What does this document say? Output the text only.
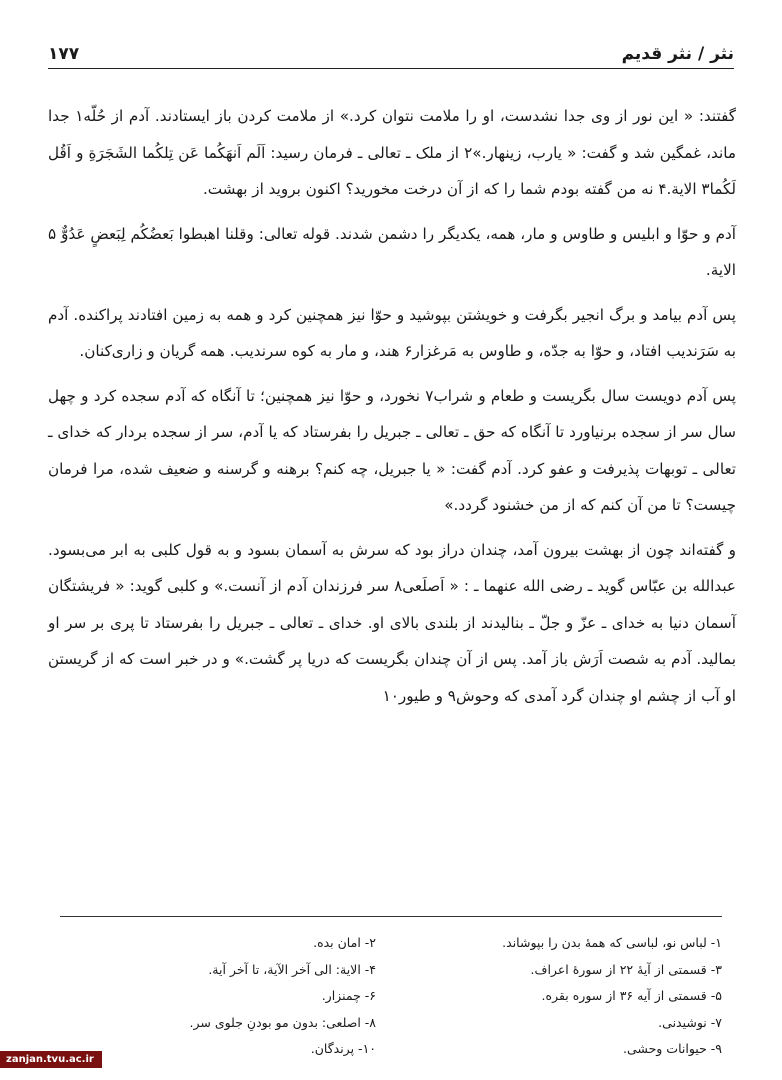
نثر / نثر قدیم
۱۷۷

گفتند: « این نور از وی جدا نشدست، او را ملامت نتوان کرد.» از ملامت کردن باز ایستادند. آدم از حُلّه۱ جدا ماند، غمگین شد و گفت: « یارب، زینهار.»۲ از ملک ـ تعالی ـ فرمان رسید: اَلَم اَنهَکُما عَن تِلکُما الشَجَرَةِ و اَقُل لَکُما۳ الایة.۴ نه من گفته بودم شما را که از آن درخت مخورید؟ اکنون بروید از بهشت.

آدم و حوّا و ابلیس و طاوس و مار، همه، یکدیگر را دشمن شدند. قوله تعالی: وقلنا اهبطوا بَعضُکُم لِبَعضٍ عَدُوٌّ ۵ الایة.

پس آدم بیامد و برگ انجیر بگرفت و خویشتن بپوشید و حوّا نیز همچنین کرد و همه به زمین افتادند پراکنده. آدم به سَرَندیب افتاد، و حوّا به جدّه، و طاوس به مَرغزار۶ هند، و مار به کوه سرندیب. همه گریان و زاری‌کنان.

پس آدم دویست سال بگریست و طعام و شراب۷ نخورد، و حوّا نیز همچنین؛ تا آنگاه که آدم سجده کرد و چهل سال سر از سجده برنیاورد تا آنگاه که حق ـ تعالی ـ جبریل را بفرستاد که یا آدم، سر از سجده بردار که خدای ـ تعالی ـ توبهات پذیرفت و عفو کرد. آدم گفت: « یا جبریل، چه کنم؟ برهنه و گرسنه و ضعیف شده، مرا فرمان چیست؟ تا من آن کنم که از من خشنود گردد.»

و گفته‌اند چون از بهشت بیرون آمد، چندان دراز بود که سرش به آسمان بسود و به قول کلبی به ابر می‌بسود. عبدالله بن عبّاس گوید ـ رضی الله عنهما ـ : « اَصلَعی۸ سر فرزندان آدم از آنست.» و کلبی گوید: « فریشتگان آسمان دنیا به خدای ـ عزّ و جلّ ـ بنالیدند از بلندی بالای او. خدای ـ تعالی ـ جبریل را بفرستاد تا پری بر سر او بمالید. آدم به شصت اَرَش باز آمد. پس از آن چندان بگریست که دریا پر گشت.» و در خبر است که از گریستن او آب از چشم او چندان گرد آمدی که وحوش۹ و طیور۱۰

۱- لباس نو، لباسی که همهٔ بدن را بپوشاند.
۲- امان بده.
۳- قسمتی از آیهٔ ۲۲ از سورهٔ اعراف.
۴- الایة: الی آخر الآیة، تا آخر آیة.
۵- قسمتی از آیه ۳۶ از سوره بقره.
۶- چمنزار.
۷- نوشیدنی.
۸- اصلعی: بدون مو بودنِ جلوی سر.
۹- حیوانات وحشی.
۱۰- پرندگان.
zanjan.tvu.ac.ir
